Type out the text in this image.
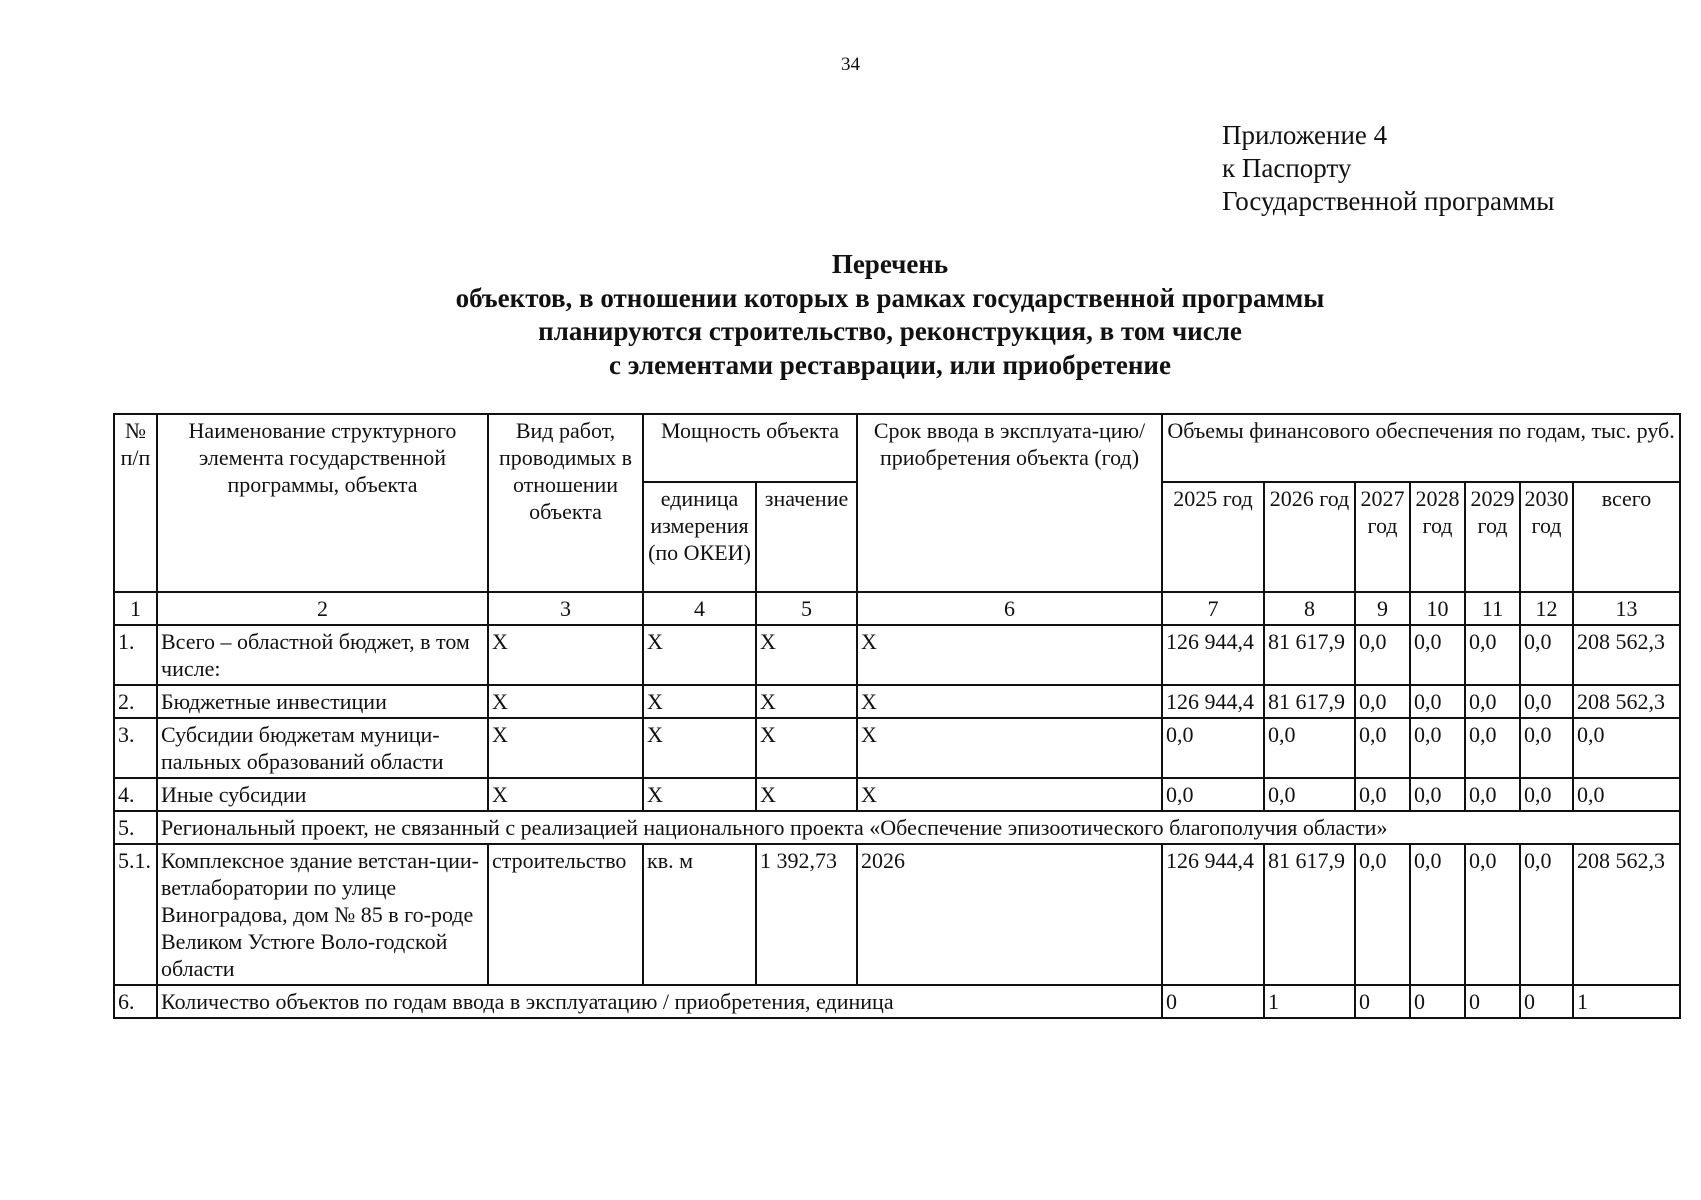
34
Приложение 4
к Паспорту
Государственной программы
Перечень
объектов, в отношении которых в рамках государственной программы
планируются строительство, реконструкция, в том числе
с элементами реставрации, или приобретение
№ п/п	Наименование структурного элемента государственной программы, объекта	Вид работ, проводимых в отношении объекта	Мощность объекта		Срок ввода в эксплуата-цию/приобретения объекта (год)	Объемы финансового обеспечения по годам, тыс. руб.						
			единица измерения (по ОКЕИ)	значение		2025 год	2026 год	2027 год	2028 год	2029 год	2030 год	всего
1	2	3	4	5	6	7	8	9	10	11	12	13
1.	Всего – областной бюджет, в том числе:	X	X	X	X	126 944,4	81 617,9	0,0	0,0	0,0	0,0	208 562,3
2.	Бюджетные инвестиции	X	X	X	X	126 944,4	81 617,9	0,0	0,0	0,0	0,0	208 562,3
3.	Субсидии бюджетам муници-пальных образований области	X	X	X	X	0,0	0,0	0,0	0,0	0,0	0,0	0,0
4.	Иные субсидии	X	X	X	X	0,0	0,0	0,0	0,0	0,0	0,0	0,0
5.	Региональный проект, не связанный с реализацией национального проекта «Обеспечение эпизоотического благополучия области»											
5.1.	Комплексное здание ветстан-ции-ветлаборатории по улице Виноградова, дом № 85 в го-роде Великом Устюге Воло-годской области	строительство	кв. м	1 392,73	2026	126 944,4	81 617,9	0,0	0,0	0,0	0,0	208 562,3
6.	Количество объектов по годам ввода в эксплуатацию / приобретения, единица					0	1	0	0	0	0	1
